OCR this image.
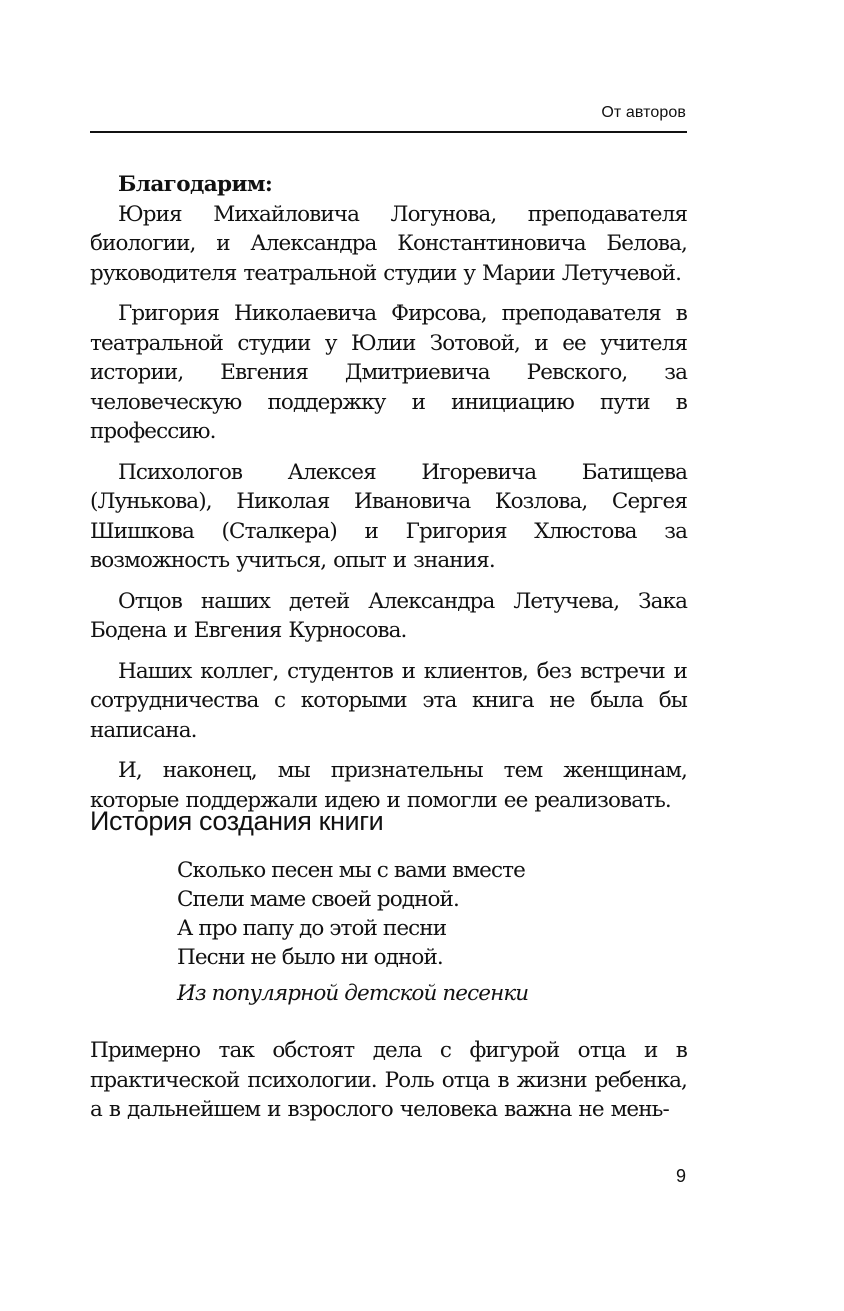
От авторов

Благодарим:

Юрия Михайловича Логунова, преподавателя биологии, и Александра Константиновича Белова, руководителя театральной студии у Марии Летучевой.

Григория Николаевича Фирсова, преподавателя в театральной студии у Юлии Зотовой, и ее учителя истории, Евгения Дмитриевича Ревского, за человеческую поддержку и инициацию пути в профессию.

Психологов Алексея Игоревича Батищева (Лунькова), Николая Ивановича Козлова, Сергея Шишкова (Сталкера) и Григория Хлюстова за возможность учиться, опыт и знания.

Отцов наших детей Александра Летучева, Зака Бодена и Евгения Курносова.

Наших коллег, студентов и клиентов, без встречи и сотрудничества с которыми эта книга не была бы написана.

И, наконец, мы признательны тем женщинам, которые поддержали идею и помогли ее реализовать.

История создания книги
Сколько песен мы с вами вместе
Спели маме своей родной.
А про папу до этой песни
Песни не было ни одной.
Из популярной детской песенки

Примерно так обстоят дела с фигурой отца и в практической психологии. Роль отца в жизни ребенка, а в дальнейшем и взрослого человека важна не мень-

9
